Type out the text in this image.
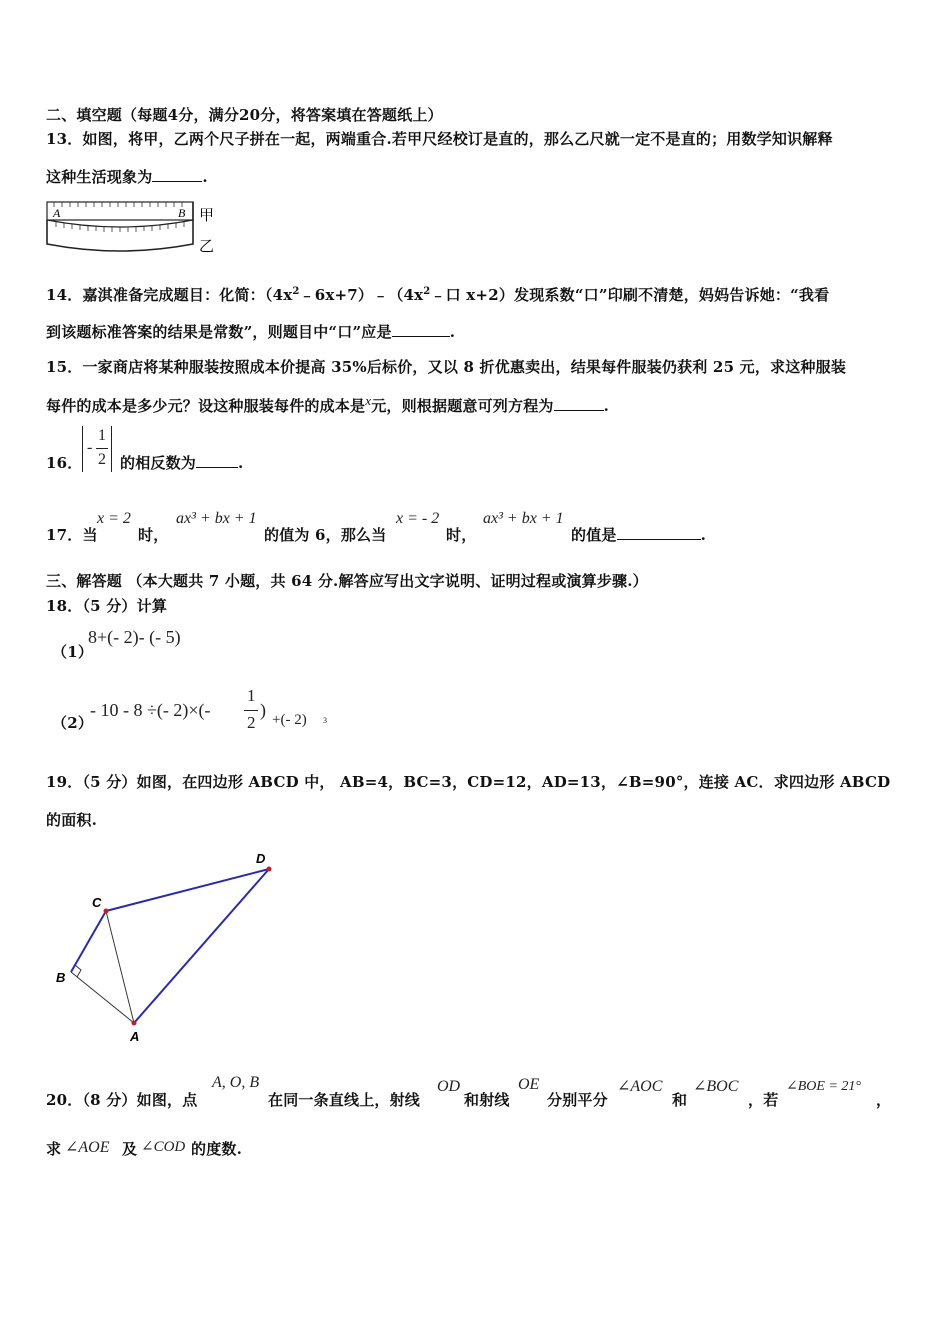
二、填空题（每题4分，满分20分，将答案填在答题纸上）
13．如图，将甲，乙两个尺子拼在一起，两端重合.若甲尺经校订是直的，那么乙尺就一定不是直的；用数学知识解释
这种生活现象为	.
A	B 甲
乙
14．嘉淇准备完成题目：化简：$(4x^2﹣6x+7)﹣(4x^2﹣$口 x+2）发现系数“口”印刷不清楚，妈妈告诉她：“我看
到该题标准答案的结果是常数”，则题目中“口”应是	.
15．一家商店将某种服装按照成本价提高 35%后标价，又以 8 折优惠卖出，结果每件服装仍获利 25 元，求这种服装
每件的成本是多少元？设这种服装每件的成本是x元，则根据题意可列方程为	.
16．
-
1
2 的相反数为	.
17．当
x = 2
时，
ax³ + bx + 1
的值为 6，那么当
x = - 2
时，
ax³ + bx + 1
的值是	.
三、解答题 （本大题共 7 小题，共 64 分.解答应写出文字说明、证明过程或演算步骤.）
18．（5 分）计算
（1）
8+(- 2)- (- 5)
（2）
- 10 - 8 ÷(- 2)×(-
1
2
) +(- 2) 3
19．（5 分）如图，在四边形 ABCD 中， AB=4，BC=3，CD=12，AD=13，∠B=90°，连接 AC．求四边形 ABCD
的面积.
D
C
B
A
20．（8 分）如图，点
A, O, B
在同一条直线上，射线
OD
和射线
OE
分别平分
∠AOC
和
∠BOC
，若
∠BOE = 21°
，
求 ∠AOE 及 ∠COD 的度数.
